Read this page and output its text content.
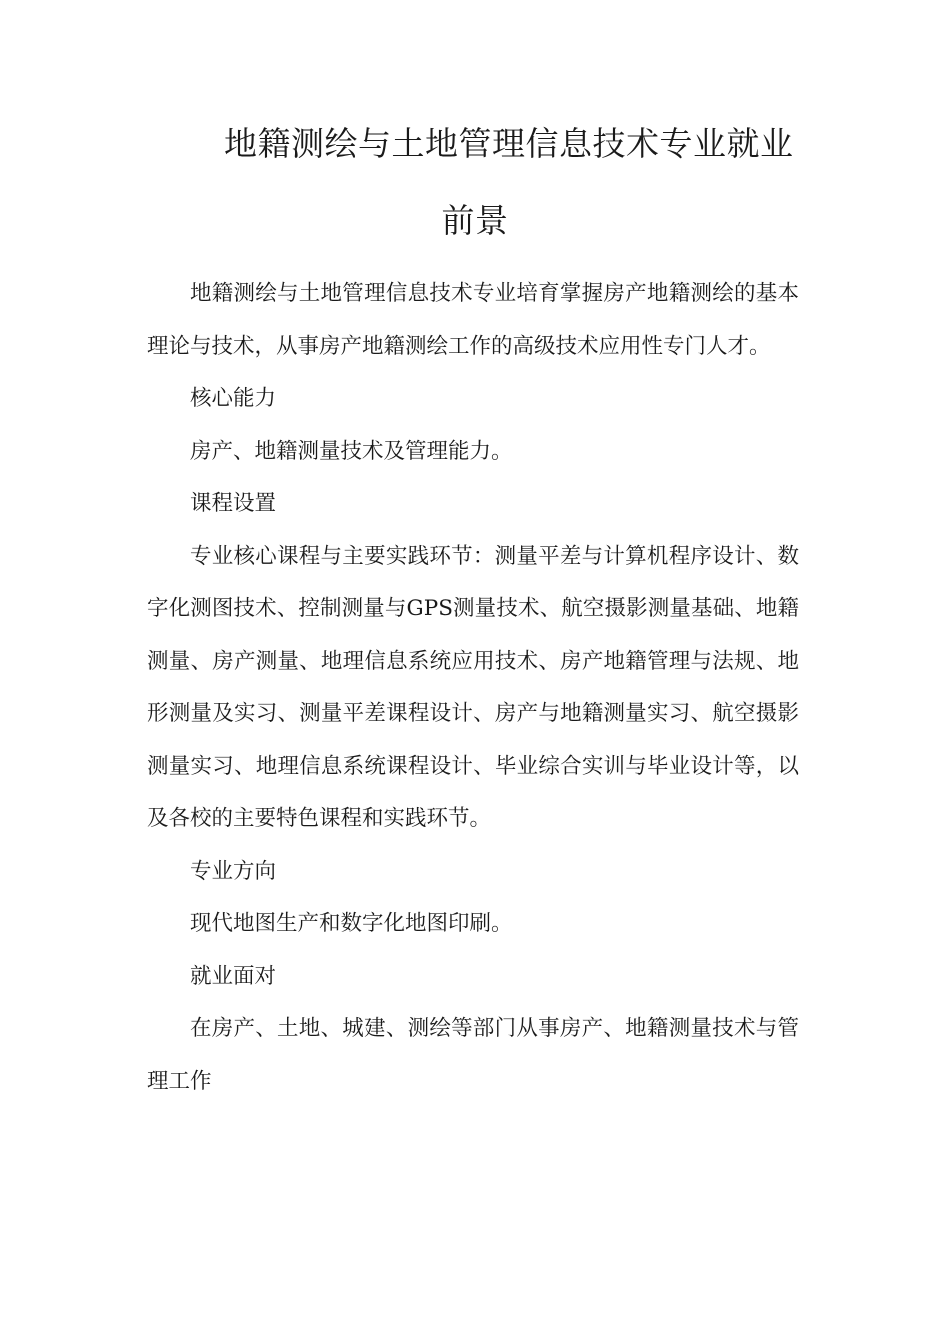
地籍测绘与土地管理信息技术专业就业
前景

地籍测绘与土地管理信息技术专业培育掌握房产地籍测绘的基本理论与技术，从事房产地籍测绘工作的高级技术应用性专门人才。

核心能力

房产、地籍测量技术及管理能力。

课程设置

专业核心课程与主要实践环节：测量平差与计算机程序设计、数字化测图技术、控制测量与GPS测量技术、航空摄影测量基础、地籍测量、房产测量、地理信息系统应用技术、房产地籍管理与法规、地形测量及实习、测量平差课程设计、房产与地籍测量实习、航空摄影测量实习、地理信息系统课程设计、毕业综合实训与毕业设计等，以及各校的主要特色课程和实践环节。

专业方向

现代地图生产和数字化地图印刷。

就业面对

在房产、土地、城建、测绘等部门从事房产、地籍测量技术与管理工作
